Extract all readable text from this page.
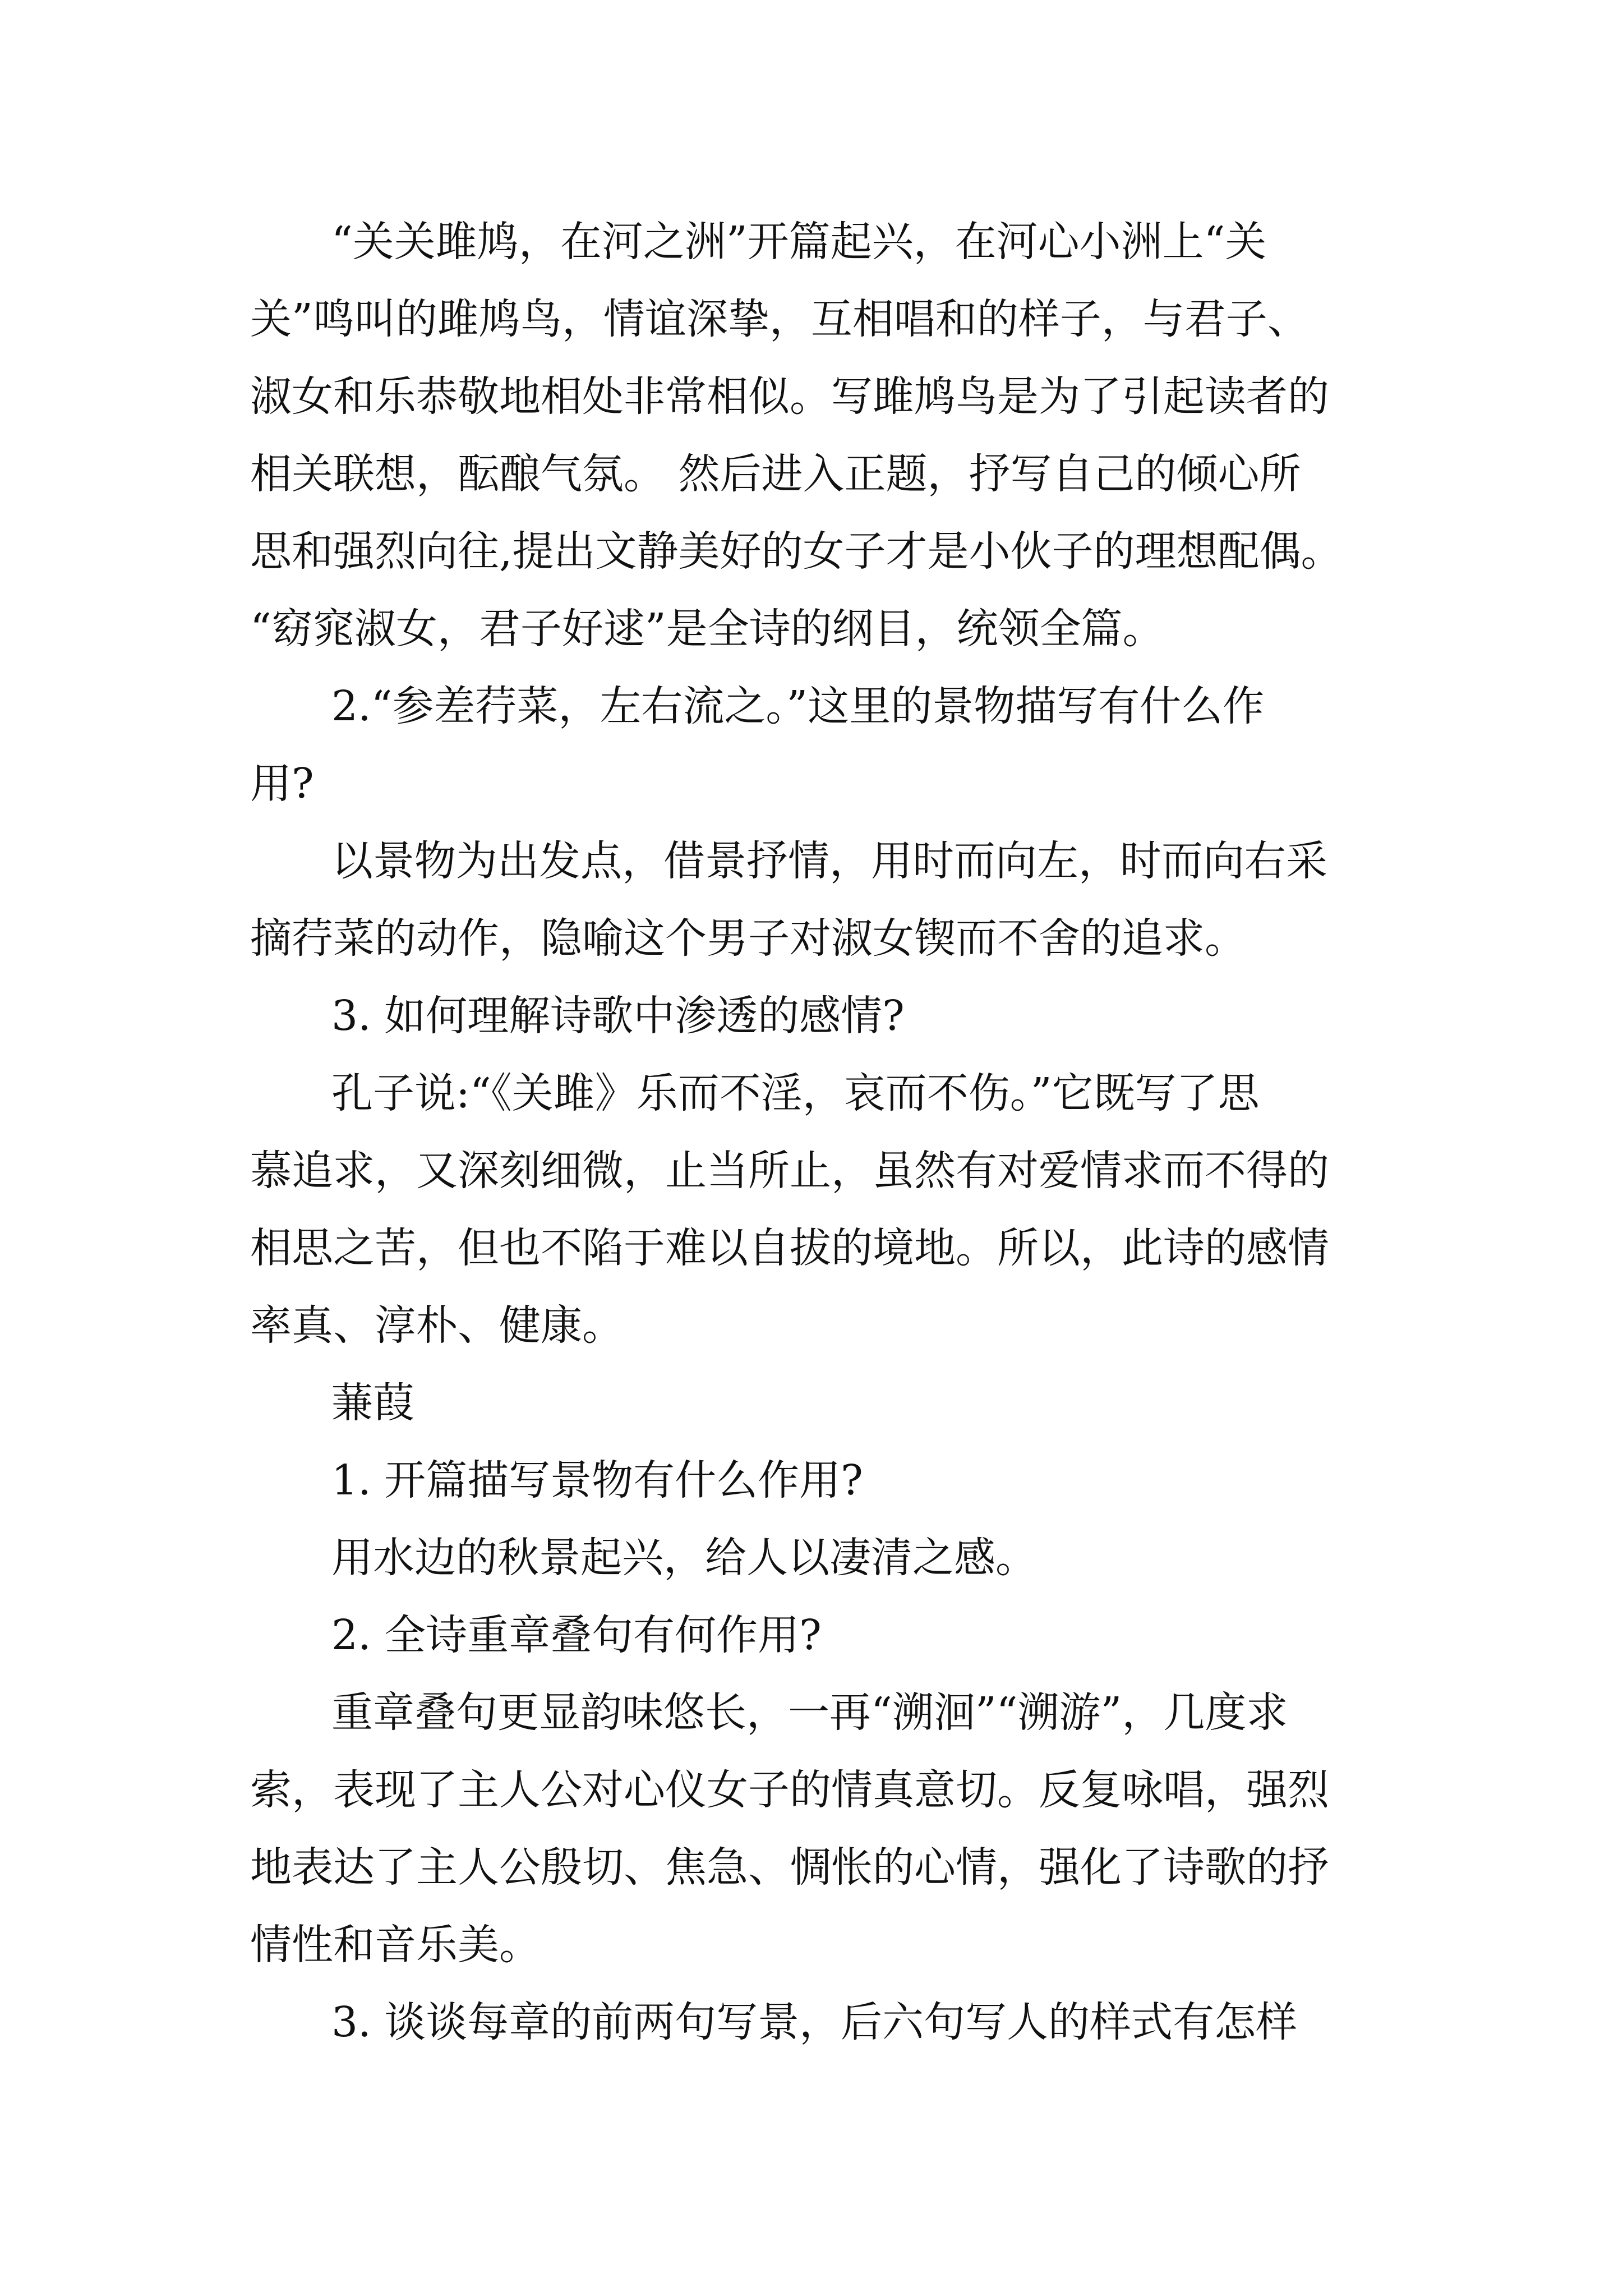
“关关雎鸠，在河之洲”开篇起兴，在河心小洲上“关
关”鸣叫的雎鸠鸟，情谊深挚，互相唱和的样子，与君子、
淑女和乐恭敬地相处非常相似。写雎鸠鸟是为了引起读者的
相关联想，酝酿气氛。 然后进入正题，抒写自己的倾心所
思和强烈向往,提出文静美好的女子才是小伙子的理想配偶。
“窈窕淑女，君子好逑”是全诗的纲目，统领全篇。
2.“参差荇菜，左右流之。”这里的景物描写有什么作
用?
以景物为出发点，借景抒情，用时而向左，时而向右采
摘荇菜的动作，隐喻这个男子对淑女锲而不舍的追求。
3. 如何理解诗歌中渗透的感情?
孔子说:“《关雎》乐而不淫，哀而不伤。”它既写了思
慕追求，又深刻细微，止当所止，虽然有对爱情求而不得的
相思之苦，但也不陷于难以自拔的境地。所以，此诗的感情
率真、淳朴、健康。
蒹葭
1. 开篇描写景物有什么作用?
用水边的秋景起兴，给人以凄清之感。
2. 全诗重章叠句有何作用?
重章叠句更显韵味悠长，一再“溯洄”“溯游”，几度求
索，表现了主人公对心仪女子的情真意切。反复咏唱，强烈
地表达了主人公殷切、焦急、惆怅的心情，强化了诗歌的抒
情性和音乐美。
3. 谈谈每章的前两句写景，后六句写人的样式有怎样
